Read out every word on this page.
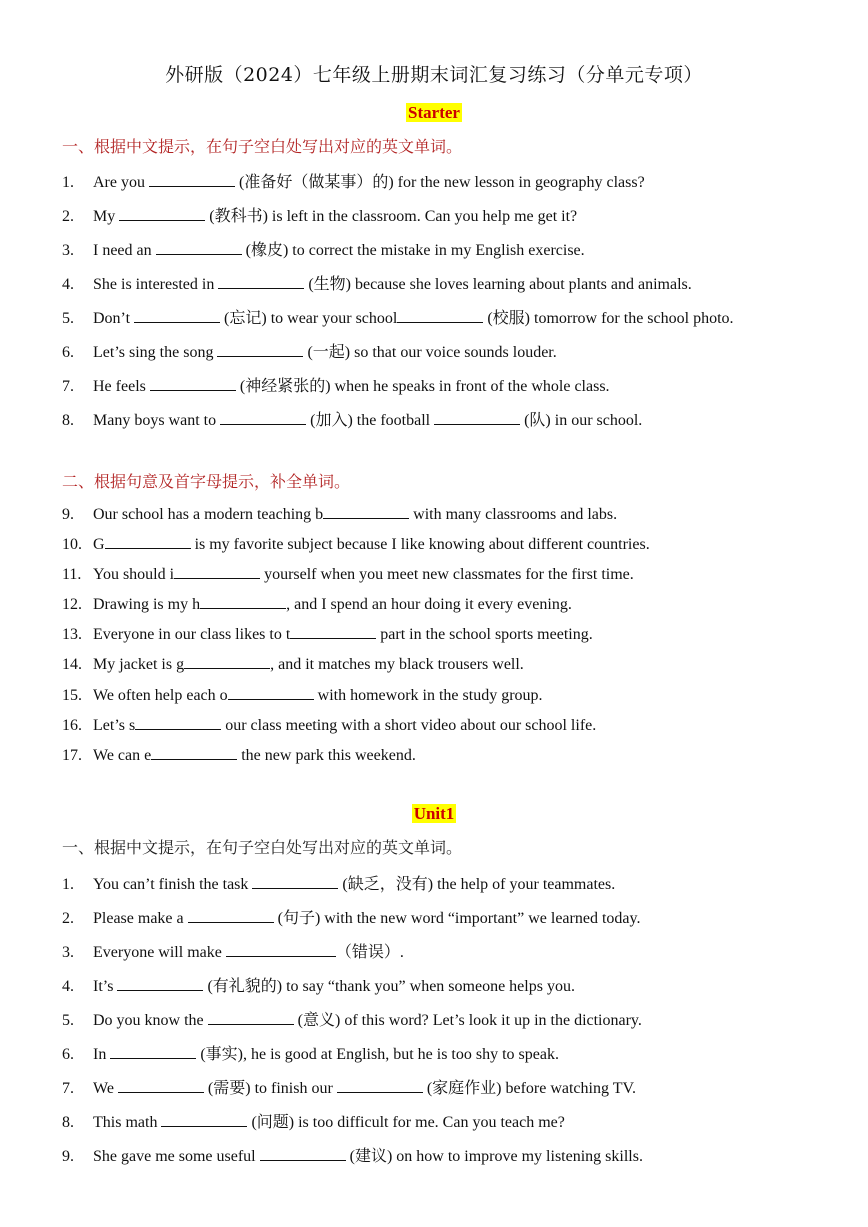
外研版（2024）七年级上册期末词汇复习练习（分单元专项）
Starter
一、根据中文提示，在句子空白处写出对应的英文单词。
1. Are you	(准备好（做某事）的) for the new lesson in geography class?
2. My	(教科书) is left in the classroom. Can you help me get it?
3. I need an	(橡皮) to correct the mistake in my English exercise.
4. She is interested in	(生物) because she loves learning about plants and animals.
5. Don’t	(忘记) to wear your school	(校服) tomorrow for the school photo.
6. Let’s sing the song	(一起) so that our voice sounds louder.
7. He feels	(神经紧张的) when he speaks in front of the whole class.
8. Many boys want to	(加入) the football	(队) in our school.
二、根据句意及首字母提示，补全单词。
9. Our school has a modern teaching b	with many classrooms and labs.
10. G	is my favorite subject because I like knowing about different countries.
11. You should i	yourself when you meet new classmates for the first time.
12. Drawing is my h	, and I spend an hour doing it every evening.
13. Everyone in our class likes to t	part in the school sports meeting.
14. My jacket is g	, and it matches my black trousers well.
15. We often help each o	with homework in the study group.
16. Let’s s	our class meeting with a short video about our school life.
17. We can e	the new park this weekend.
Unit1
一、根据中文提示，在句子空白处写出对应的英文单词。
1. You can’t finish the task	(缺乏，没有) the help of your teammates.
2. Please make a	(句子) with the new word “important” we learned today.
3. Everyone will make	（错误）.
4. It’s	(有礼貌的) to say “thank you” when someone helps you.
5. Do you know the	(意义) of this word? Let’s look it up in the dictionary.
6. In	(事实), he is good at English, but he is too shy to speak.
7. We	(需要) to finish our	(家庭作业) before watching TV.
8. This math	(问题) is too difficult for me. Can you teach me?
9. She gave me some useful	(建议) on how to improve my listening skills.
